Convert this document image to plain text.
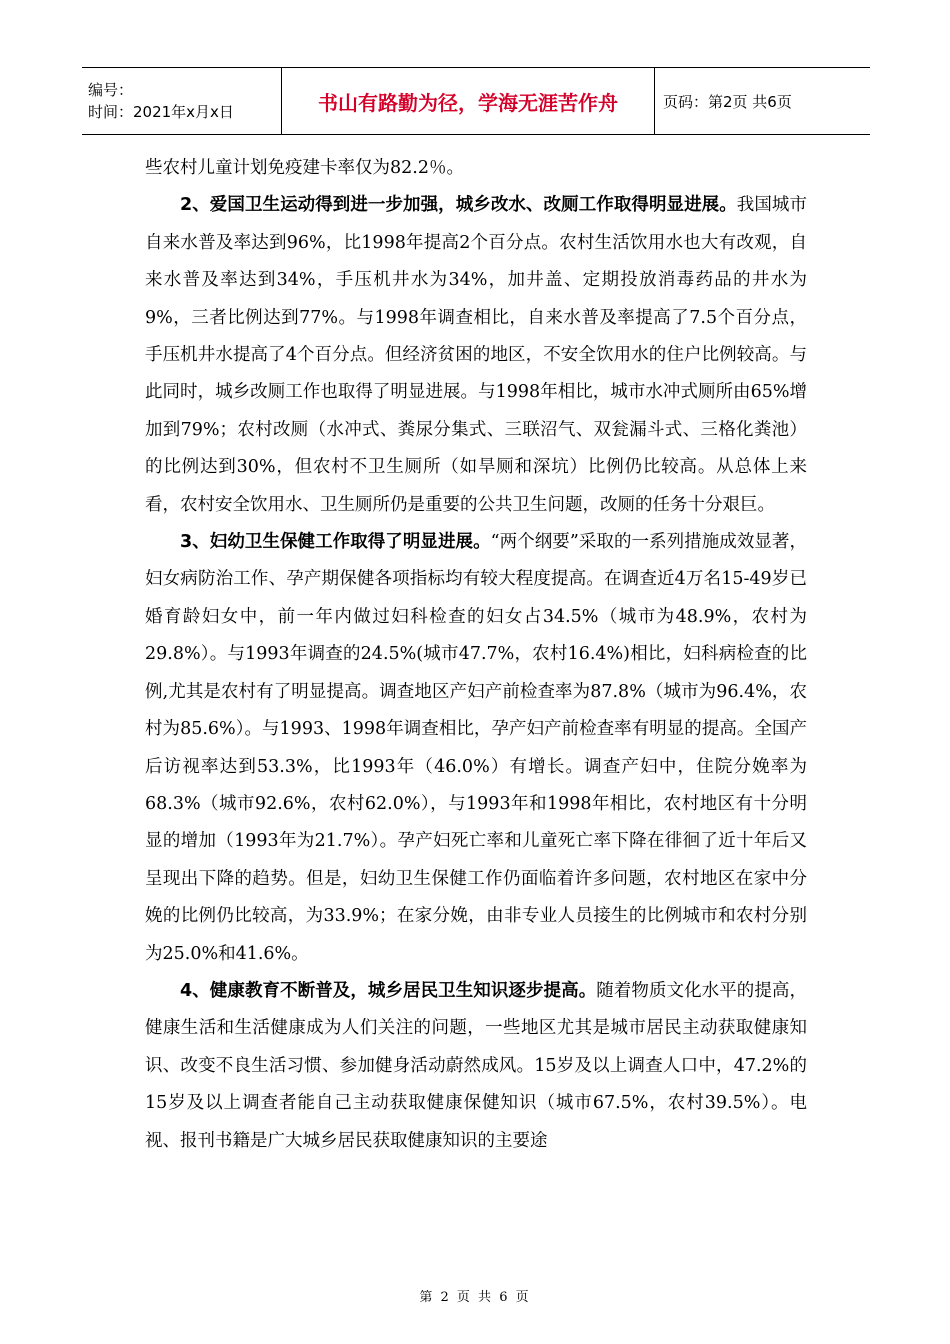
编号：
时间：2021年x月x日	书山有路勤为径，学海无涯苦作舟	页码：第2页 共6页

些农村儿童计划免疫建卡率仅为82.2％。

2、爱国卫生运动得到进一步加强，城乡改水、改厕工作取得明显进展。我国城市自来水普及率达到96%，比1998年提高2个百分点。农村生活饮用水也大有改观，自来水普及率达到34%，手压机井水为34%，加井盖、定期投放消毒药品的井水为9%，三者比例达到77%。与1998年调查相比，自来水普及率提高了7.5个百分点，手压机井水提高了4个百分点。但经济贫困的地区，不安全饮用水的住户比例较高。与此同时，城乡改厕工作也取得了明显进展。与1998年相比，城市水冲式厕所由65%增加到79%；农村改厕（水冲式、粪尿分集式、三联沼气、双瓮漏斗式、三格化粪池）的比例达到30%，但农村不卫生厕所（如旱厕和深坑）比例仍比较高。从总体上来看，农村安全饮用水、卫生厕所仍是重要的公共卫生问题，改厕的任务十分艰巨。

3、妇幼卫生保健工作取得了明显进展。“两个纲要”采取的一系列措施成效显著，妇女病防治工作、孕产期保健各项指标均有较大程度提高。在调查近4万名15-49岁已婚育龄妇女中，前一年内做过妇科检查的妇女占34.5%（城市为48.9%，农村为29.8%）。与1993年调查的24.5%(城市47.7%，农村16.4%)相比，妇科病检查的比例,尤其是农村有了明显提高。调查地区产妇产前检查率为87.8%（城市为96.4%，农村为85.6%）。与1993、1998年调查相比，孕产妇产前检查率有明显的提高。全国产后访视率达到53.3%，比1993年（46.0%）有增长。调查产妇中，住院分娩率为68.3%（城市92.6%，农村62.0%），与1993年和1998年相比，农村地区有十分明显的增加（1993年为21.7%）。孕产妇死亡率和儿童死亡率下降在徘徊了近十年后又呈现出下降的趋势。但是，妇幼卫生保健工作仍面临着许多问题，农村地区在家中分娩的比例仍比较高，为33.9%；在家分娩，由非专业人员接生的比例城市和农村分别为25.0%和41.6%。

4、健康教育不断普及，城乡居民卫生知识逐步提高。随着物质文化水平的提高，健康生活和生活健康成为人们关注的问题，一些地区尤其是城市居民主动获取健康知识、改变不良生活习惯、参加健身活动蔚然成风。15岁及以上调查人口中，47.2%的15岁及以上调查者能自己主动获取健康保健知识（城市67.5%，农村39.5%）。电视、报刊书籍是广大城乡居民获取健康知识的主要途

第 2 页 共 6 页
